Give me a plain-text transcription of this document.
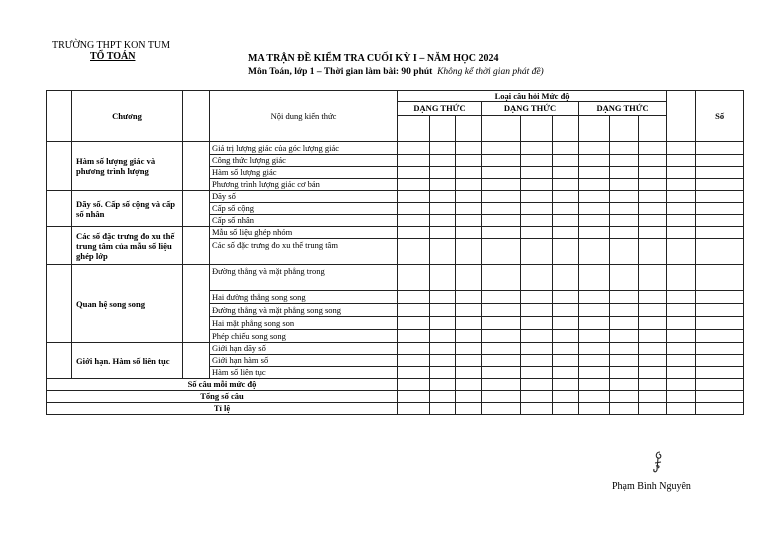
TRƯỜNG THPT KON TUM
TỔ TOÁN	MA TRẬN ĐỀ KIỂM TRA CUỐI KỲ I – NĂM HỌC 2024
Môn Toán, lớp 1 – Thời gian làm bài: 90 phút Không kể thời gian phát đề)
	Chương		Nội dung kiến thức	Loại câu hỏi Mức độ										Số	
				DẠNG THỨC			DẠNG THỨC			DẠNG THỨC					

	Hàm số lượng giác và phương trình lượng		Giá trị lượng giác của góc lượng giác												
			Công thức lượng giác												
			Hàm số lượng giác												
			Phương trình lượng giác cơ bản												
	Dãy số. Cấp số cộng và cấp số nhân		Dãy số												
			Cấp số cộng												
			Cấp số nhân												
	Các số đặc trưng đo xu thế trung tâm của mẫu số liệu ghép lớp		Mẫu số liệu ghép nhóm												
			Các số đặc trưng đo xu thế trung tâm												
	Quan hệ song song		Đường thẳng và mặt phẳng trong												
			Hai đường thẳng song song												
			Đường thẳng và mặt phẳng song song												
			Hai mặt phẳng song son												
			Phép chiếu song song												
	Giới hạn. Hàm số liên tục		Giới hạn dãy số												
			Giới hạn hàm số												
			Hàm số liên tục												
Số câu mỗi mức độ															
Tổng số câu															
Tỉ lệ															
Phạm Bình Nguyên
